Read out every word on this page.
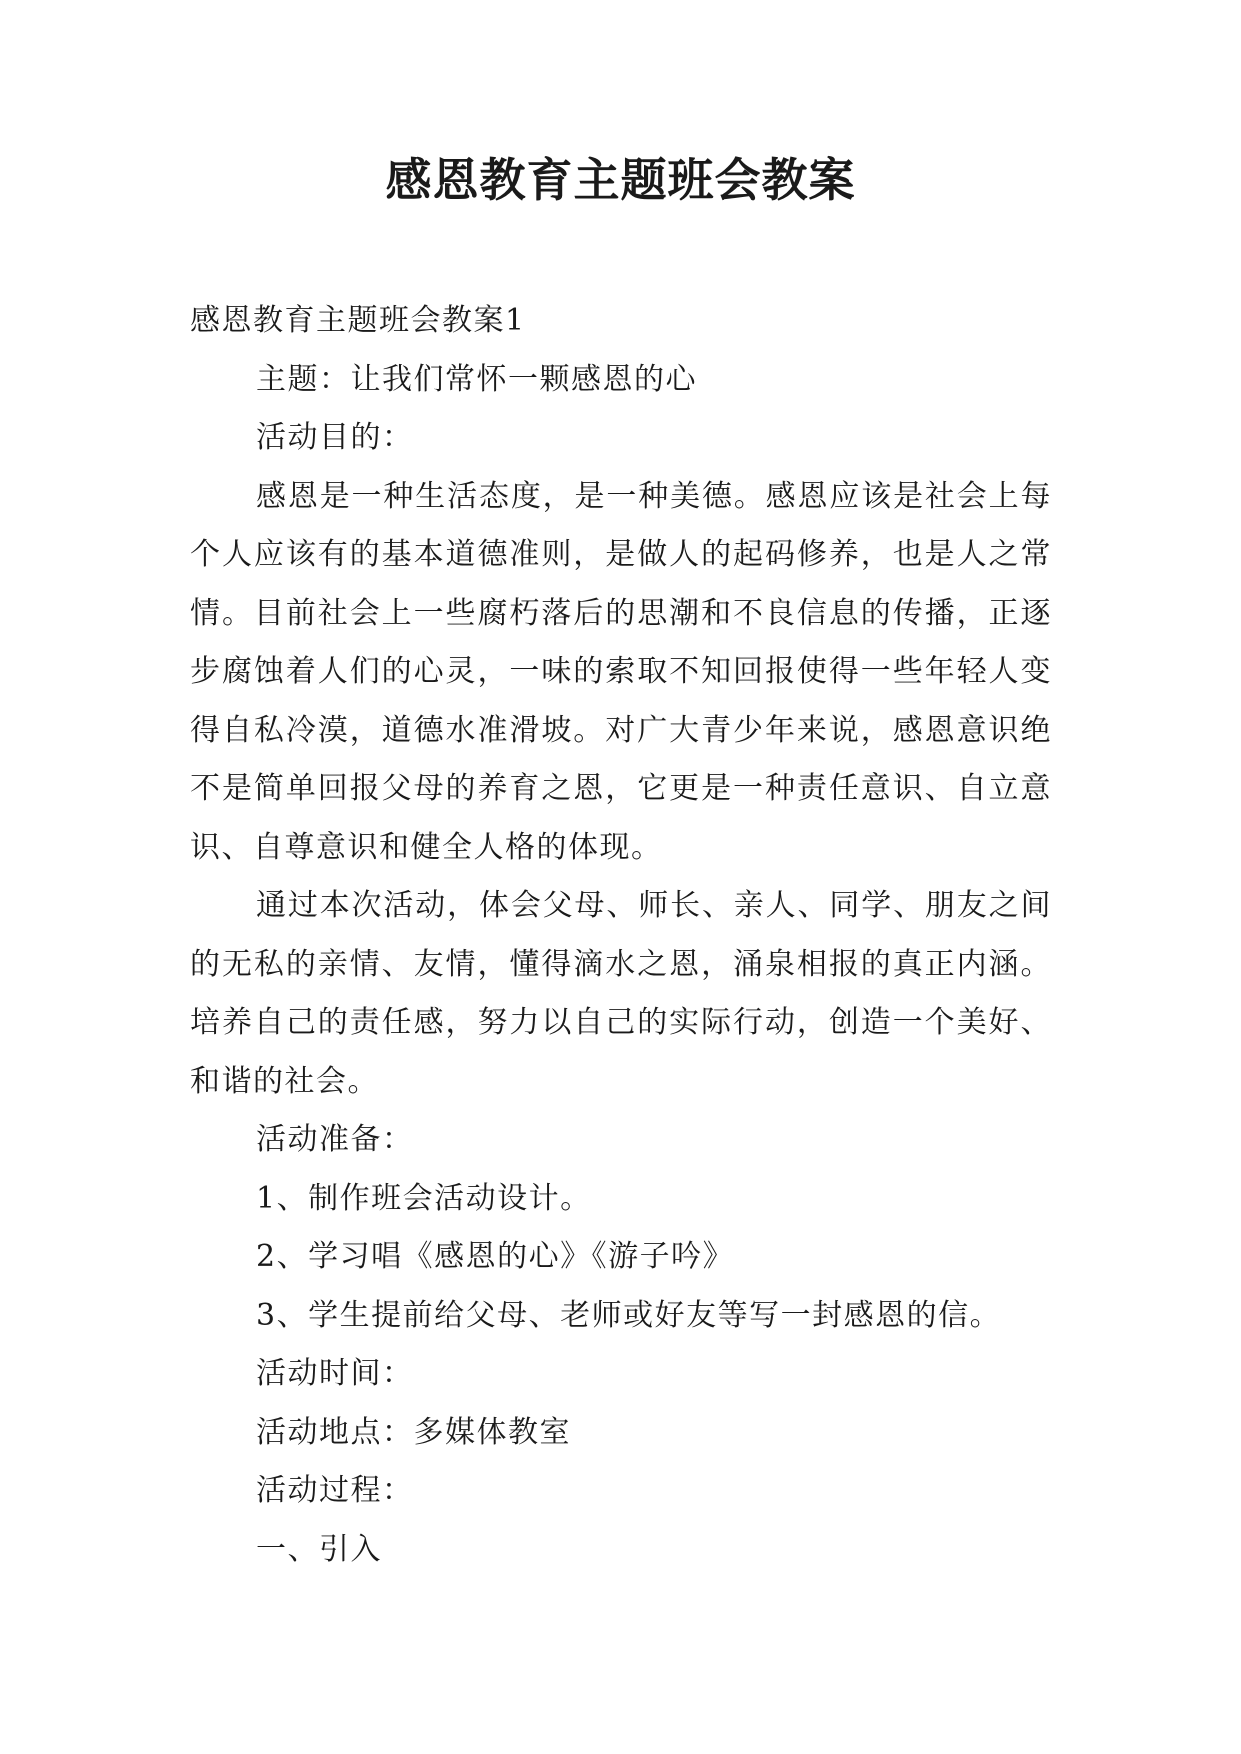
感恩教育主题班会教案

感恩教育主题班会教案1

主题：让我们常怀一颗感恩的心

活动目的：

感恩是一种生活态度，是一种美德。感恩应该是社会上每个人应该有的基本道德准则，是做人的起码修养，也是人之常情。目前社会上一些腐朽落后的思潮和不良信息的传播，正逐步腐蚀着人们的心灵，一味的索取不知回报使得一些年轻人变得自私冷漠，道德水准滑坡。对广大青少年来说，感恩意识绝不是简单回报父母的养育之恩，它更是一种责任意识、自立意识、自尊意识和健全人格的体现。

通过本次活动，体会父母、师长、亲人、同学、朋友之间的无私的亲情、友情，懂得滴水之恩，涌泉相报的真正内涵。培养自己的责任感，努力以自己的实际行动，创造一个美好、和谐的社会。

活动准备：

1、制作班会活动设计。

2、学习唱《感恩的心》《游子吟》

3、学生提前给父母、老师或好友等写一封感恩的信。

活动时间：

活动地点：多媒体教室

活动过程：

一、引入
